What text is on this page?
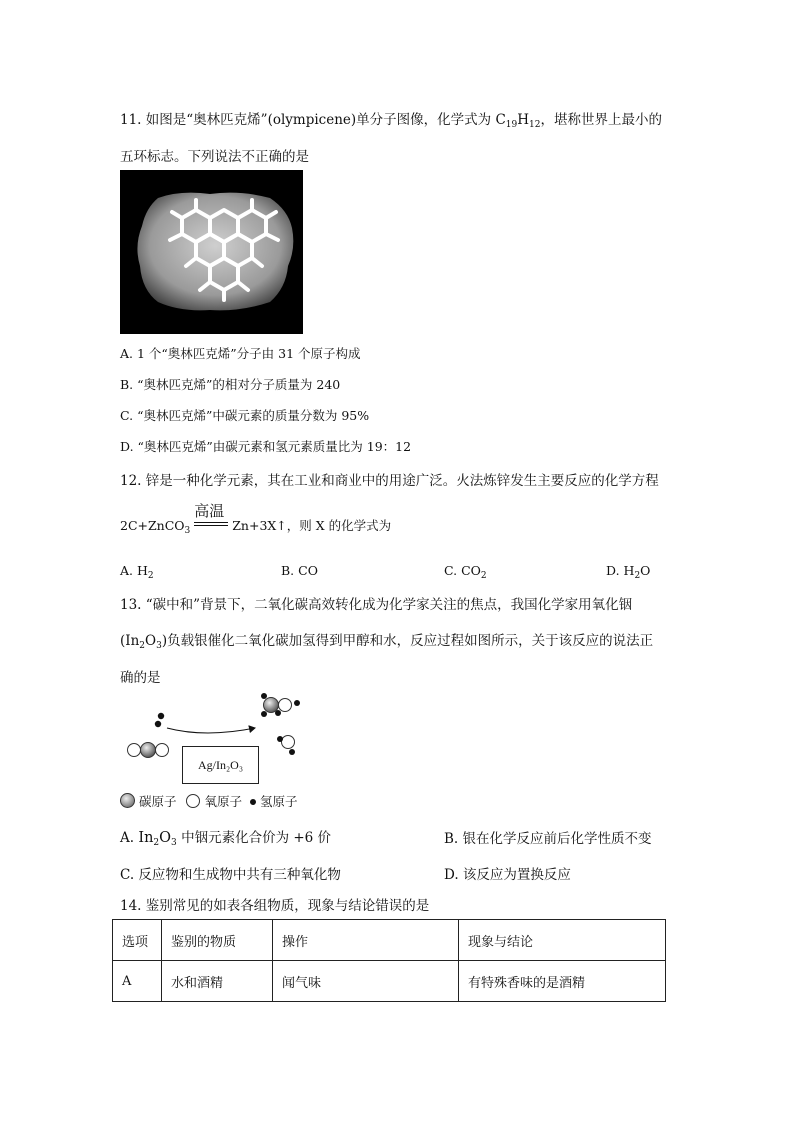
11. 如图是“奥林匹克烯”(olympicene)单分子图像，化学式为 $C_{19}H_{12}$，堪称世界上最小的
五环标志。下列说法不正确的是
A. 1 个“奥林匹克烯”分子由 31 个原子构成
B. “奥林匹克烯”的相对分子质量为 240
C. “奥林匹克烯”中碳元素的质量分数为 95%
D. “奥林匹克烯”由碳元素和氢元素质量比为 19：12
12. 锌是一种化学元素，其在工业和商业中的用途广泛。火法炼锌发生主要反应的化学方程
2C+ZnCO$_3$
高温
Zn+3X↑，则 X 的化学式为
A. $H_2$	B. CO	C. $CO_2$	D. $H_2O$
13. “碳中和”背景下，二氧化碳高效转化成为化学家关注的焦点，我国化学家用氧化铟
$(In_2O_3)$负载银催化二氧化碳加氢得到甲醇和水，反应过程如图所示，关于该反应的说法正
确的是
Ag/In₂O₃
碳原子 氧原子 氢原子
A. $In_2O_3$ 中铟元素化合价为 +6 价	B. 银在化学反应前后化学性质不变
C. 反应物和生成物中共有三种氧化物	D. 该反应为置换反应
14. 鉴别常见的如表各组物质，现象与结论错误的是
选项	鉴别的物质	操作	现象与结论
A	水和酒精	闻气味	有特殊香味的是酒精
